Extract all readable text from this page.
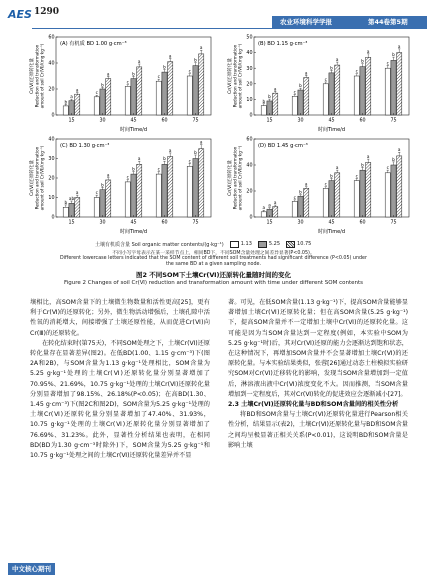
AES 1290
农业环境科学学报	第44卷第5期
Cr(Ⅵ)还原转化量 Reduction and transformation amount of soil Cr(Ⅵ)/(mg·kg⁻¹)
0
20
40
60
(A) 有机质 BD 1.00 g·cm⁻³
b
a
a
15
c
b
a
30
c
b
a
45
c
b
a
60
c
b
a
75
时间Time/d
Cr(Ⅵ)还原转化量 Reduction and transformation amount of soil Cr(Ⅵ)/(mg·kg⁻¹)
0
10
20
30
40
50
(B) BD 1.15 g·cm⁻³
b
b
a
15
c
b
a
30
c
b
a
45
c
b
a
60
c
b
a
75
时间Time/d
Cr(Ⅵ)还原转化量 Reduction and transformation amount of soil Cr(Ⅵ)/(mg·kg⁻¹)
0
10
20
30
40
(C) BD 1.30 g·cm⁻³
b
ab
a
15
c
b
a
30
c
b
a
45
c
b
a
60
c
b
a
75
时间Time/d
Cr(Ⅵ)还原转化量 Reduction and transformation amount of soil Cr(Ⅵ)/(mg·kg⁻¹)
0
20
40
60
(D) BD 1.45 g·cm⁻³
a
a
a
15
c
b
a
30
c
b
a
45
c
b
a
60
c
b
a
75
时间Time/d
土壤有机质含量 Soil organic matter contents/(g·kg⁻¹)	1.13	5.25	10.75
不同小写字母表示在某一采样节点上，相同BD下，不同SOM含量处理之间差异显著(P<0.05)。
Different lowercase letters indicated that the SOM content of different soil treatments had significant difference (P<0.05) under
the same BD at a given sampling node.
图2 不同SOM下土壤Cr(Ⅵ)还原转化量随时间的变化
Figure 2 Changes of soil Cr(Ⅵ) reduction and transformation amount with time under different SOM contents

壤相比，高SOM含量下的土壤微生物数量和活性更高[25]，更有利于Cr(Ⅵ)的还原转化；另外，微生物活动增强后，土壤孔隙中活性氧的消耗增大，间接增强了土壤还原性能，从而促进Cr(Ⅵ)向Cr(Ⅲ)的还原转化。

在转化结束时(第75天)，不同SOM处理之下，土壤Cr(Ⅵ)还原转化量存在显著差异(图2)。在低BD(1.00、1.15 g·cm⁻³)下(图2A和2B)，与SOM含量为1.13 g·kg⁻¹处理相比，SOM含量为5.25 g·kg⁻¹处理的土壤Cr(Ⅵ)还原转化量分别显著增加了70.95%、21.69%，10.75 g·kg⁻¹处理的土壤Cr(Ⅵ)还原转化量分别显著增加了98.15%、26.18%(P<0.05)；在高BD(1.30、1.45 g·cm⁻³)下(图2C和图2D)，SOM含量为5.25 g·kg⁻¹处理的土壤Cr(Ⅵ)还原转化量分别显著增加了47.40%、31.93%，10.75 g·kg⁻¹处理的土壤Cr(Ⅵ)还原转化量分别显著增加了76.69%、31.23%。此外，显著性分析结果也表明，在相同BD(BD为1.30 g·cm⁻³时除外)下，SOM含量为5.25 g·kg⁻¹和10.75 g·kg⁻¹处理之间的土壤Cr(Ⅵ)还原转化量差异并不显

著。可见，在低SOM含量(1.13 g·kg⁻¹)下，提高SOM含量能够显著增加土壤Cr(Ⅵ)还原转化量；但在高SOM含量(5.25 g·kg⁻¹)下，提高SOM含量并不一定增加土壤中Cr(Ⅵ)的还原转化量。这可能是因为当SOM含量达到一定程度(例如，本实验中SOM为5.25 g·kg⁻¹时)后，其对Cr(Ⅵ)还原的能力会逐渐达到饱和状态，在这种情况下，再增加SOM含量并不会显著增加土壤Cr(Ⅵ)的还原转化量。与本实验结果类似，张蓉[26]通过动态土柱模拟实验研究SOM对Cr(Ⅵ)迁移转化的影响，发现当SOM含量增加到一定值后，淋溶液出液中Cr(Ⅵ)浓度变化不大。因而推测，当SOM含量增加到一定程度后，其对Cr(Ⅵ)转化的促进效应会逐渐减小[27]。

2.3 土壤Cr(Ⅵ)还原转化量与BD和SOM含量间的相关性分析

将BD和SOM含量与土壤Cr(Ⅵ)还原转化量进行Pearson相关性分析，结果显示(表2)，土壤Cr(Ⅵ)还原转化量与BD和SOM含量之间均呈极显著正相关关系(P<0.01)，这说明BD和SOM含量是影响土壤

中文核心期刊
